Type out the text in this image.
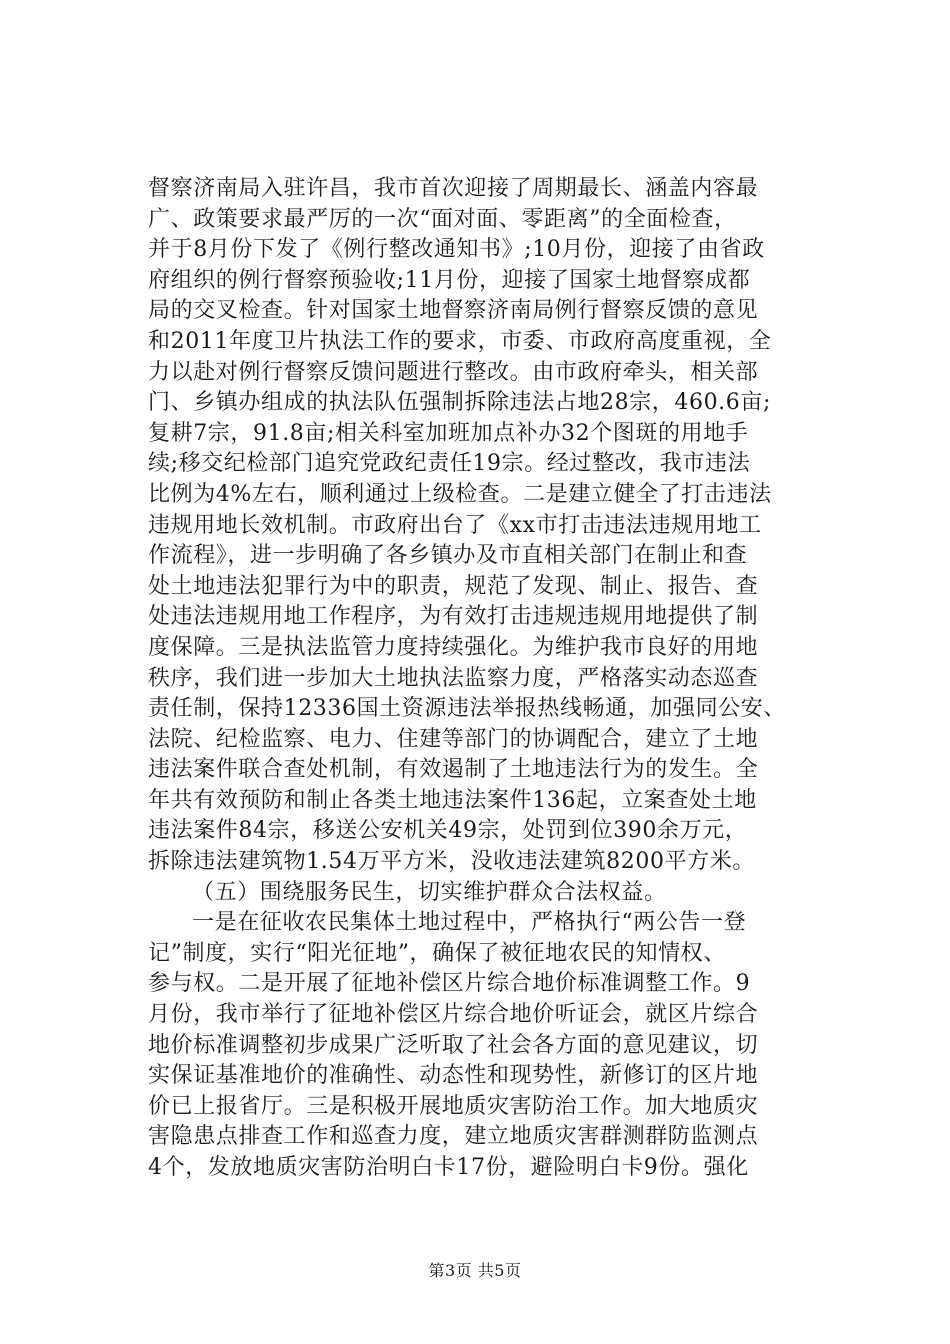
督察济南局入驻许昌，我市首次迎接了周期最长、涵盖内容最
广、政策要求最严厉的一次“面对面、零距离”的全面检查，
并于8月份下发了《例行整改通知书》;10月份，迎接了由省政
府组织的例行督察预验收;11月份，迎接了国家土地督察成都
局的交叉检查。针对国家土地督察济南局例行督察反馈的意见
和2011年度卫片执法工作的要求，市委、市政府高度重视，全
力以赴对例行督察反馈问题进行整改。由市政府牵头，相关部
门、乡镇办组成的执法队伍强制拆除违法占地28宗，460.6亩;
复耕7宗，91.8亩;相关科室加班加点补办32个图斑的用地手
续;移交纪检部门追究党政纪责任19宗。经过整改，我市违法
比例为4%左右，顺利通过上级检查。二是建立健全了打击违法
违规用地长效机制。市政府出台了《xx市打击违法违规用地工
作流程》，进一步明确了各乡镇办及市直相关部门在制止和查
处土地违法犯罪行为中的职责，规范了发现、制止、报告、查
处违法违规用地工作程序，为有效打击违规违规用地提供了制
度保障。三是执法监管力度持续强化。为维护我市良好的用地
秩序，我们进一步加大土地执法监察力度，严格落实动态巡查
责任制，保持12336国土资源违法举报热线畅通，加强同公安、
法院、纪检监察、电力、住建等部门的协调配合，建立了土地
违法案件联合查处机制，有效遏制了土地违法行为的发生。全
年共有效预防和制止各类土地违法案件136起，立案查处土地
违法案件84宗，移送公安机关49宗，处罚到位390余万元，
拆除违法建筑物1.54万平方米，没收违法建筑8200平方米。
（五）围绕服务民生，切实维护群众合法权益。
一是在征收农民集体土地过程中，严格执行“两公告一登
记”制度，实行“阳光征地”，确保了被征地农民的知情权、
参与权。二是开展了征地补偿区片综合地价标准调整工作。9
月份，我市举行了征地补偿区片综合地价听证会，就区片综合
地价标准调整初步成果广泛听取了社会各方面的意见建议，切
实保证基准地价的准确性、动态性和现势性，新修订的区片地
价已上报省厅。三是积极开展地质灾害防治工作。加大地质灾
害隐患点排查工作和巡查力度，建立地质灾害群测群防监测点
4个，发放地质灾害防治明白卡17份，避险明白卡9份。强化
第3页 共5页
